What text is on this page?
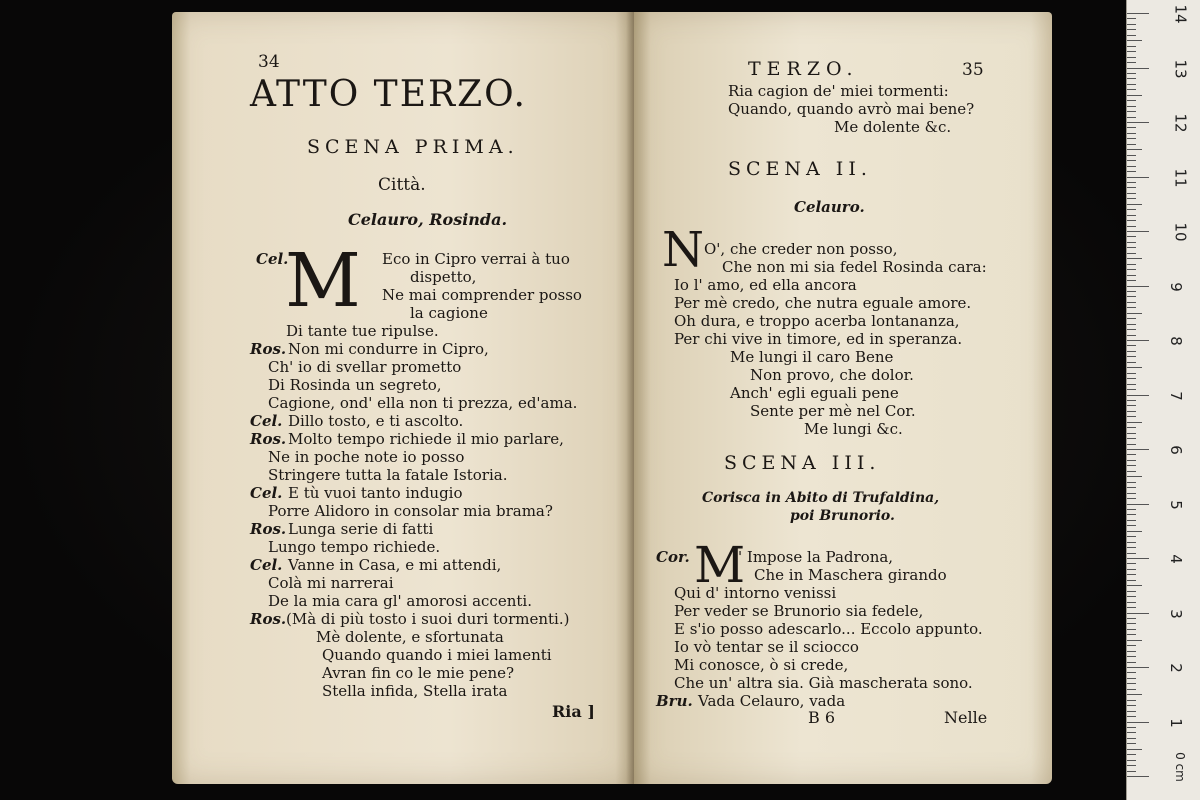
34
ATTO TERZO.
SCENA PRIMA.
Città.
Celauro, Rosinda.
Cel.
M Eco in Cipro verrai à tuo
dispetto,
Ne mai comprender posso
la cagione
Di tante tue ripulse.
Ros. Non mi condurre in Cipro,
Ch' io di svellar prometto
Di Rosinda un segreto,
Cagione, ond' ella non ti prezza, ed'ama.
Cel. Dillo tosto, e ti ascolto.
Ros. Molto tempo richiede il mio parlare,
Ne in poche note io posso
Stringere tutta la fatale Istoria.
Cel. E tù vuoi tanto indugio
Porre Alidoro in consolar mia brama?
Ros. Lunga serie di fatti
Lungo tempo richiede.
Cel. Vanne in Casa, e mi attendi,
Colà mi narrerai
De la mia cara gl' amorosi accenti.
Ros. (Mà di più tosto i suoi duri tormenti.)
Mè dolente, e sfortunata
Quando quando i miei lamenti
Avran fin co le mie pene?
Stella infida, Stella irata
Ria ]
TERZO.	35
Ria cagion de' miei tormenti:
Quando, quando avrò mai bene?
Me dolente &c.
SCENA II.
Celauro.
N O', che creder non posso,
Che non mi sia fedel Rosinda cara:
Io l' amo, ed ella ancora
Per mè credo, che nutra eguale amore.
Oh dura, e troppo acerba lontananza,
Per chi vive in timore, ed in speranza.
Me lungi il caro Bene
Non provo, che dolor.
Anch' egli eguali pene
Sente per mè nel Cor.
Me lungi &c.
SCENA III.
Corisca in Abito di Trufaldina,
poi Brunorio.
Cor. M
' Impose la Padrona,
Che in Maschera girando
Qui d' intorno venissi
Per veder se Brunorio sia fedele,
E s'io posso adescarlo... Eccolo appunto.
Io vò tentar se il sciocco
Mi conosce, ò si crede,
Che un' altra sia. Già mascherata sono.
Bru. Vada Celauro, vada
B 6	Nelle
14
13
12
11
10
9
8
7
6
5
4
3
2
1
0 cm
